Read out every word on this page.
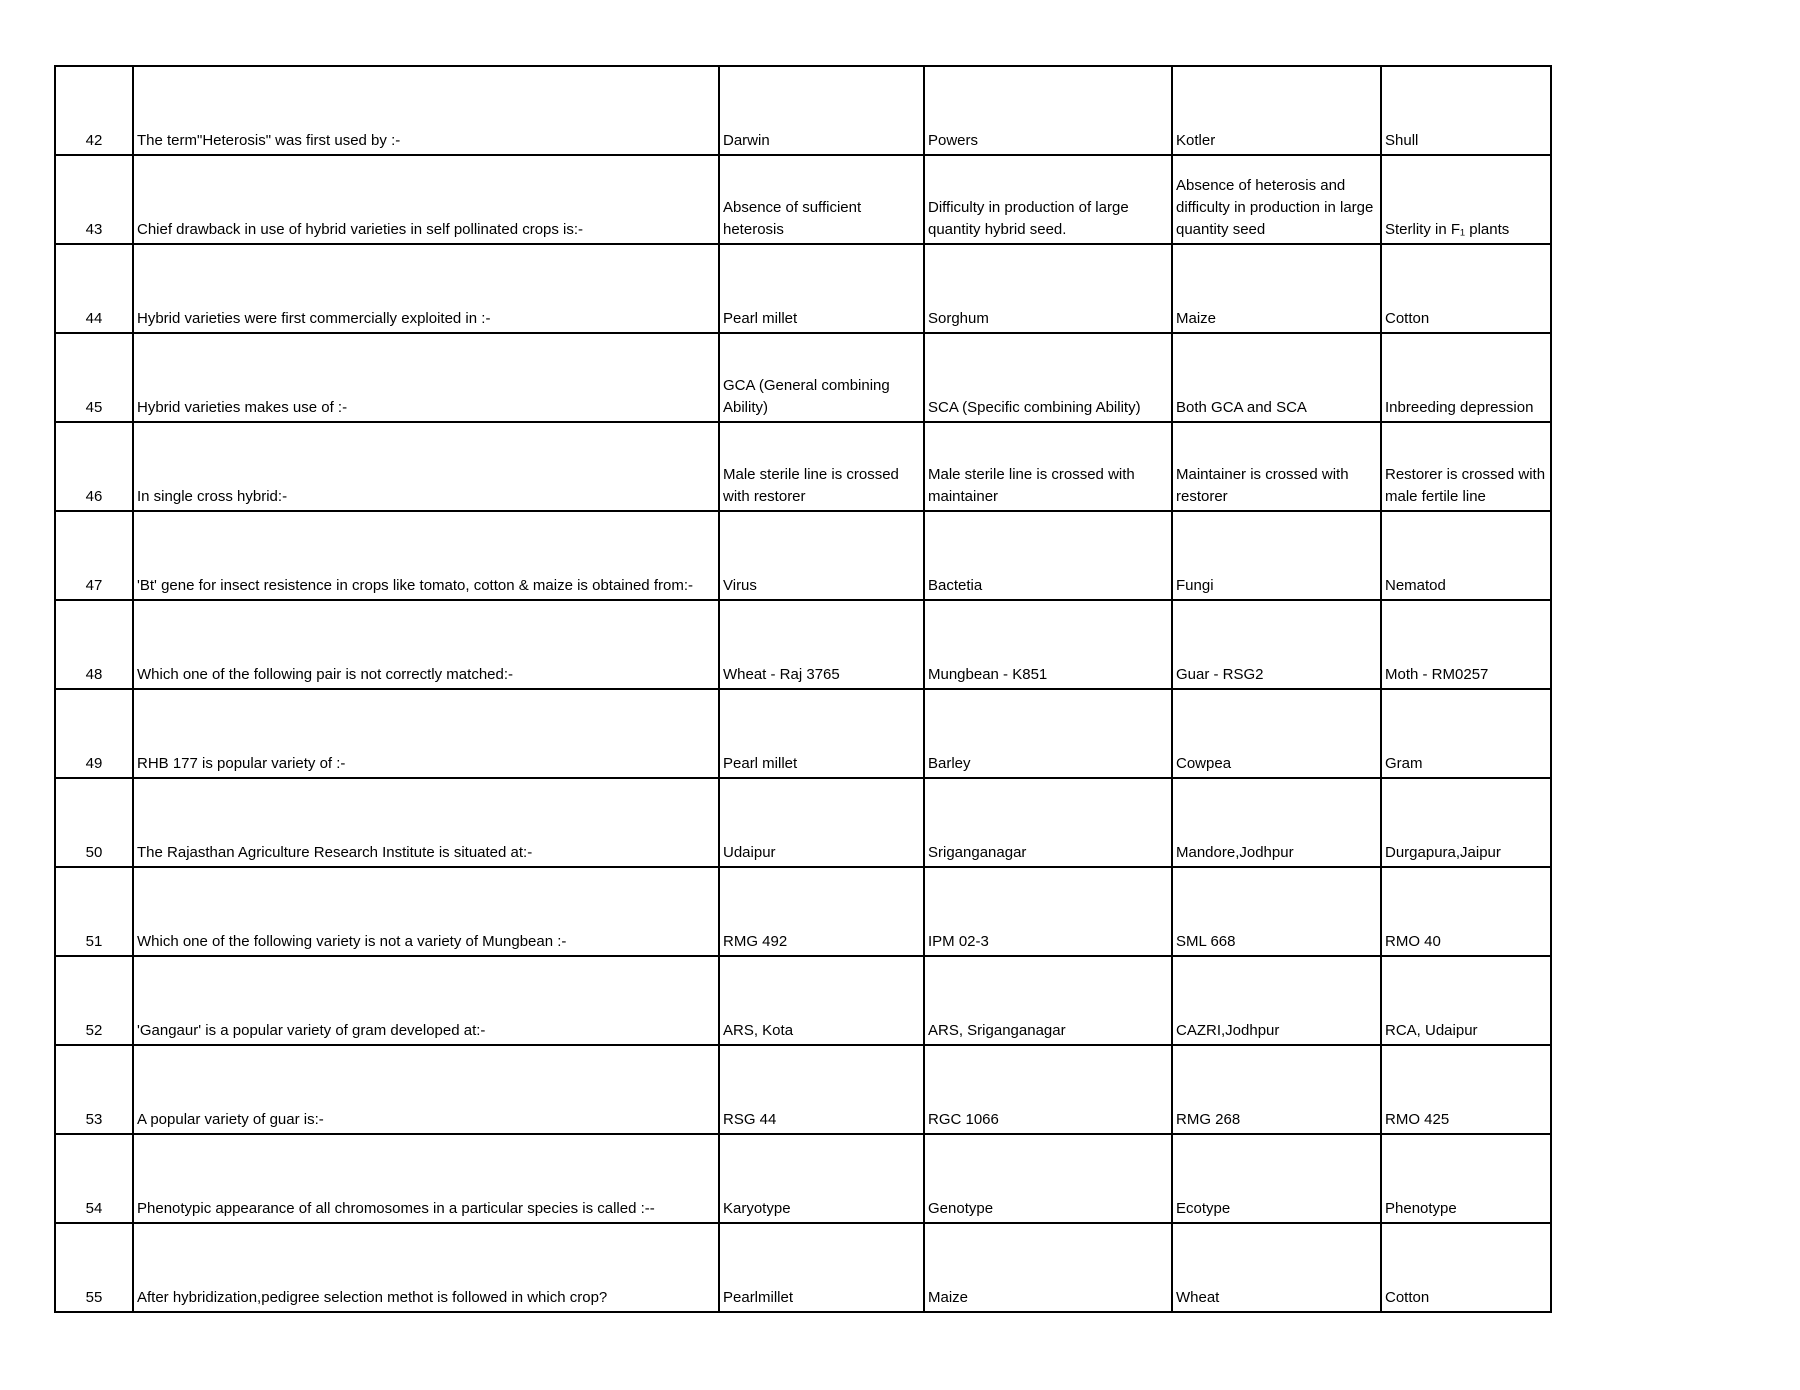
42	The term"Heterosis" was first used by :-	Darwin	Powers	Kotler	Shull
43	Chief drawback in use of hybrid varieties in self pollinated crops is:-	Absence of sufficient heterosis	Difficulty in production of large quantity hybrid seed.	Absence of heterosis and difficulty in production in large quantity seed	Sterlity in F₁ plants
44	Hybrid varieties were first commercially exploited in :-	Pearl millet	Sorghum	Maize	Cotton
45	Hybrid varieties makes use of :-	GCA (General combining Ability)	SCA (Specific combining Ability)	Both GCA and SCA	Inbreeding depression
46	In single cross hybrid:-	Male sterile line is crossed with restorer	Male sterile line is crossed with maintainer	Maintainer is crossed with restorer	Restorer is crossed with male fertile line
47	'Bt' gene for insect resistence in crops like tomato, cotton & maize is obtained from:-	Virus	Bactetia	Fungi	Nematod
48	Which one of the following pair is not correctly matched:-	Wheat - Raj 3765	Mungbean - K851	Guar - RSG2	Moth - RM0257
49	RHB 177 is popular variety of :-	Pearl millet	Barley	Cowpea	Gram
50	The Rajasthan Agriculture Research Institute is situated at:-	Udaipur	Sriganganagar	Mandore,Jodhpur	Durgapura,Jaipur
51	Which one of the following variety is not a variety of Mungbean :-	RMG 492	IPM 02-3	SML 668	RMO 40
52	'Gangaur' is a popular variety of gram developed at:-	ARS, Kota	ARS, Sriganganagar	CAZRI,Jodhpur	RCA, Udaipur
53	A popular variety of guar is:-	RSG 44	RGC 1066	RMG 268	RMO 425
54	Phenotypic appearance of all chromosomes in a particular species is called :--	Karyotype	Genotype	Ecotype	Phenotype
55	After hybridization,pedigree selection methot is followed in which crop?	Pearlmillet	Maize	Wheat	Cotton
